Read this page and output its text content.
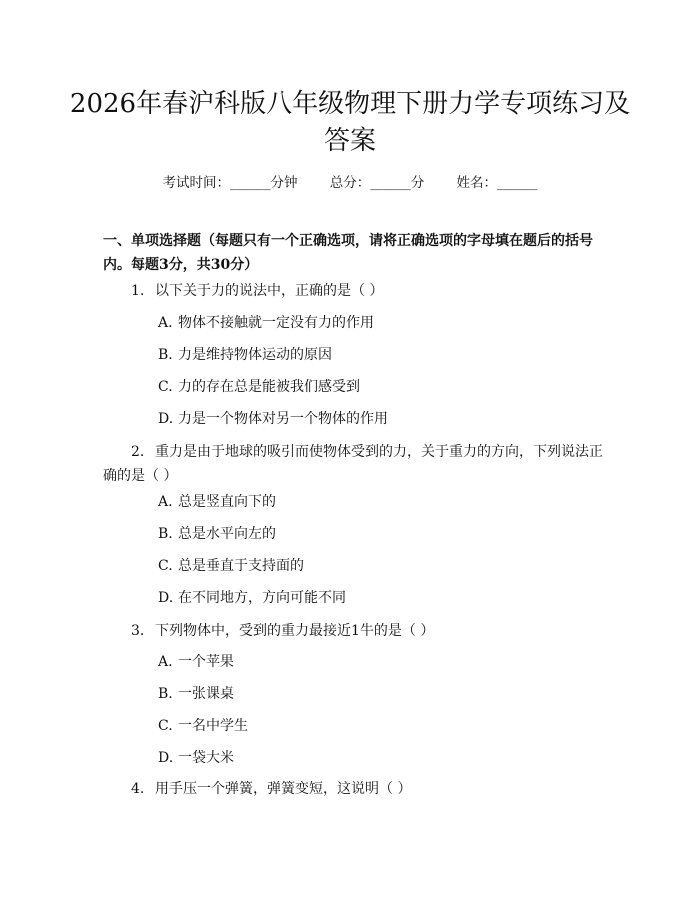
2026年春沪科版八年级物理下册力学专项练习及答案
考试时间：______分钟 总分：______分 姓名：______

一、单项选择题（每题只有一个正确选项，请将正确选项的字母填在题后的括号内。每题3分，共30分）

1. 以下关于力的说法中，正确的是（ ）

A. 物体不接触就一定没有力的作用

B. 力是维持物体运动的原因

C. 力的存在总是能被我们感受到

D. 力是一个物体对另一个物体的作用

2. 重力是由于地球的吸引而使物体受到的力，关于重力的方向，下列说法正确的是（ ）

A. 总是竖直向下的

B. 总是水平向左的

C. 总是垂直于支持面的

D. 在不同地方，方向可能不同

3. 下列物体中，受到的重力最接近1牛的是（ ）

A. 一个苹果

B. 一张课桌

C. 一名中学生

D. 一袋大米

4. 用手压一个弹簧，弹簧变短，这说明（ ）
